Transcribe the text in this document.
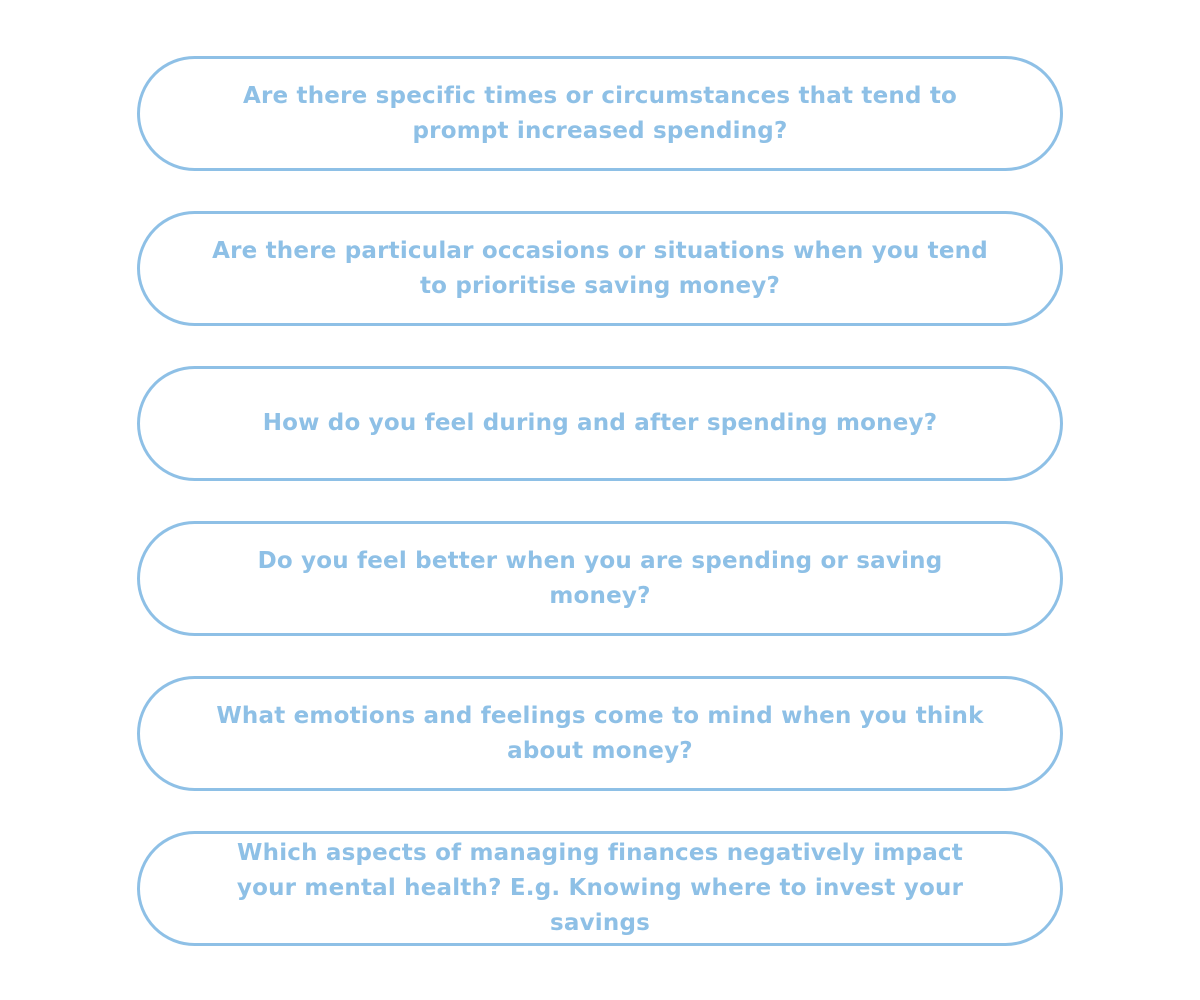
Are there specific times or circumstances that tend to prompt increased spending?
Are there particular occasions or situations when you tend to prioritise saving money?
How do you feel during and after spending money?
Do you feel better when you are spending or saving money?
What emotions and feelings come to mind when you think about money?
Which aspects of managing finances negatively impact your mental health? E.g. Knowing where to invest your savings
